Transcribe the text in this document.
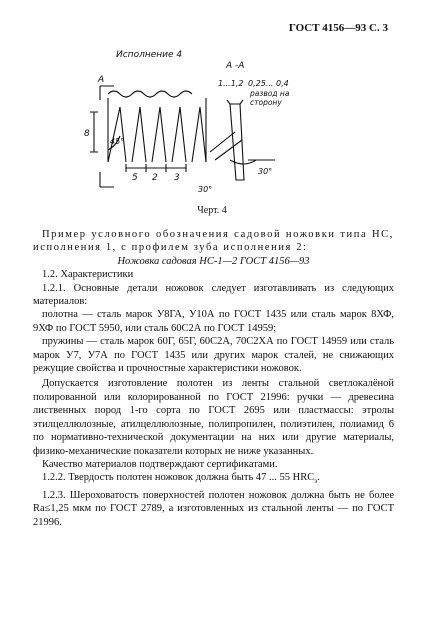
ГОСТ 4156—93 С. 3
Исполнение 4
А
А -А
1...1,2 0,25... 0,4
развод на
сторону
8
5 2 3
45°
30°
30°
Черт. 4

Пример условного обозначения садовой ножовки типа НС, исполнения 1, с профилем зуба исполнения 2:

Ножовка садовая НС-1—2 ГОСТ 4156—93

1.2. Характеристики

1.2.1. Основные детали ножовок следует изготавливать из следующих материалов:

полотна — сталь марок У8ГА, У10А по ГОСТ 1435 или сталь марок 8ХФ, 9ХФ по ГОСТ 5950, или сталь 60С2А по ГОСТ 14959;

пружины — сталь марок 60Г, 65Г, 60С2А, 70С2ХА по ГОСТ 14959 или сталь марок У7, У7А по ГОСТ 1435 или других марок сталей, не снижающих режущие свойства и прочностные характеристики ножовок.

Допускается изготовление полотен из ленты стальной светлокалёной полированной или колорированной по ГОСТ 21996: ручки — древесина лиственных пород 1-го сорта по ГОСТ 2695 или пластмассы: этролы этилцеллюлозные, атилцеллюлозные, полипропилен, полиэтилен, полиамид 6 по нормативно-технической документации на них или другие материалы, физико-механические показатели которых не ниже указанных.

Качество материалов подтверждают сертификатами.

1.2.2. Твердость полотен ножовок должна быть 47 ... 55 $HRC_э$.

1.2.3. Шероховатость поверхностей полотен ножовок должна быть не более Ra≤1,25 мкм по ГОСТ 2789, а изготовленных из стальной ленты — по ГОСТ 21996.
